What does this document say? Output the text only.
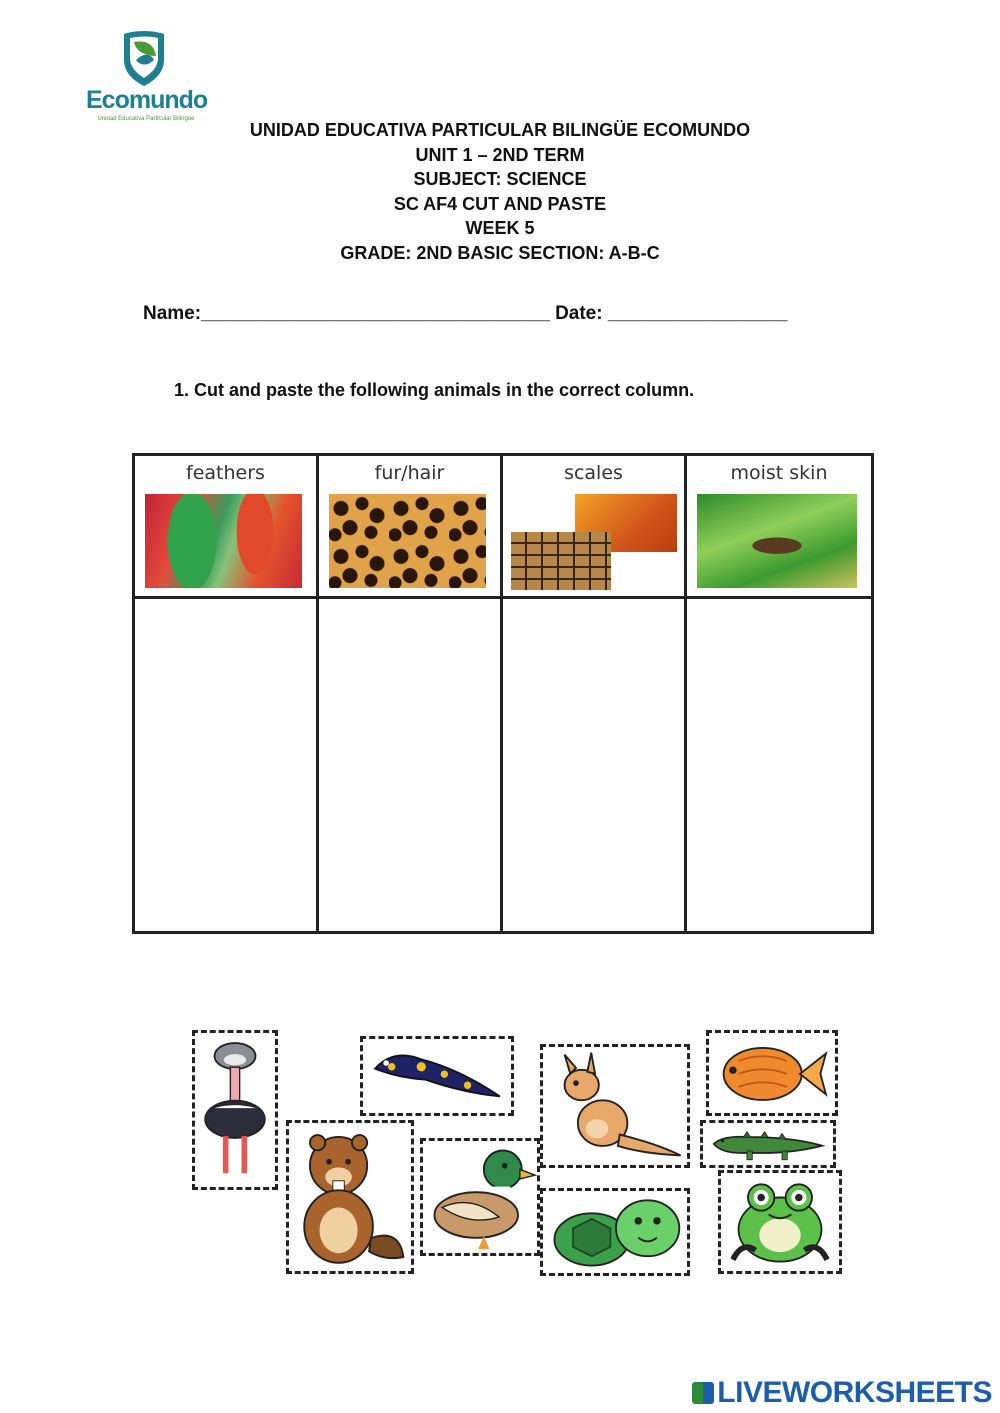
Ecomundo
Unidad Educativa Particular Bilingüe
UNIDAD EDUCATIVA PARTICULAR BILINGÜE ECOMUNDO
UNIT 1 – 2ND TERM
SUBJECT: SCIENCE
SC AF4 CUT AND PASTE
WEEK 5
GRADE: 2ND BASIC SECTION: A-B-C
Name:_________________________________ Date: _________________
1. Cut and paste the following animals in the correct column.
feathers	fur/hair	scales	moist skin
LIVEWORKSHEETS
